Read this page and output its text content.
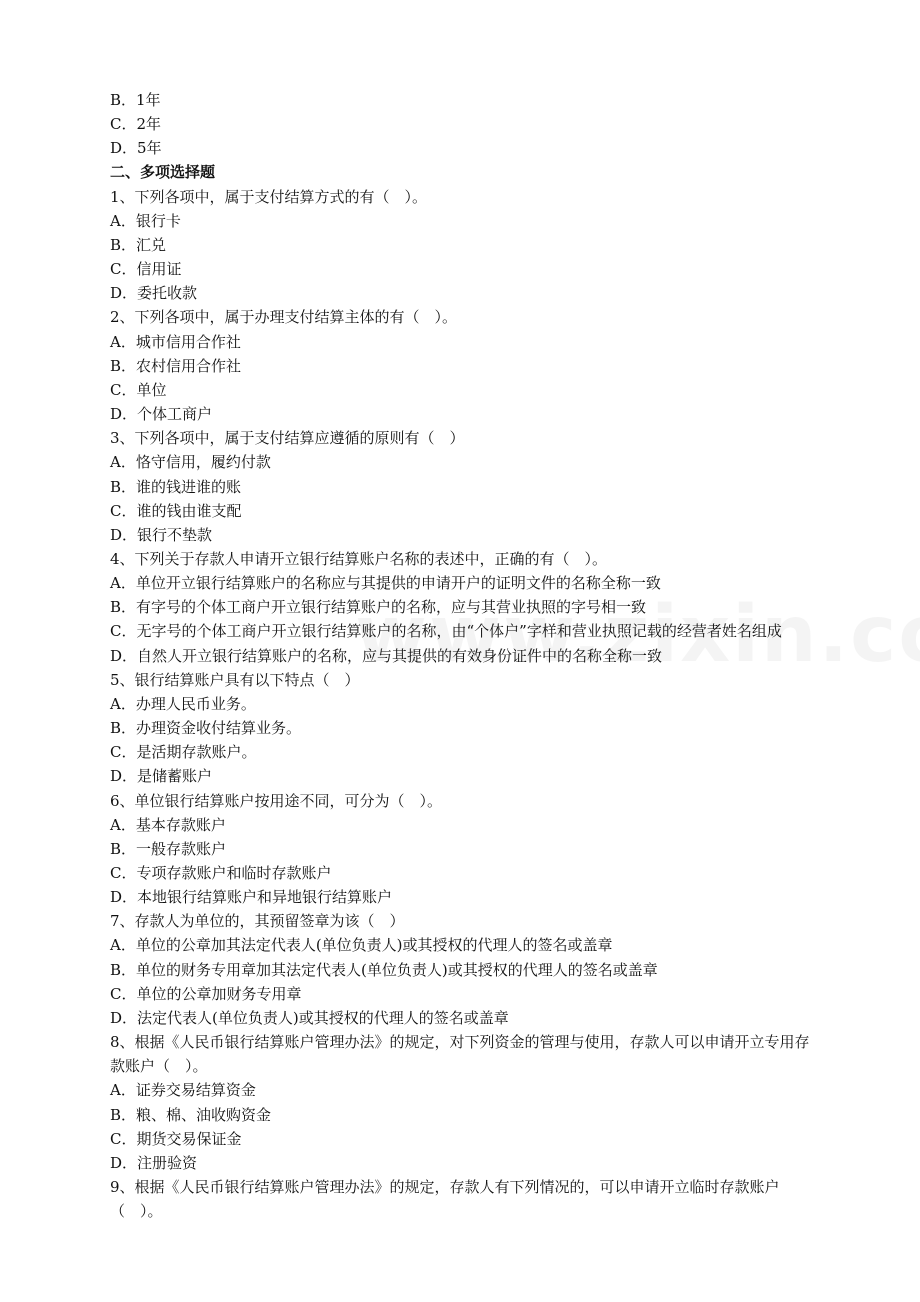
B．1年
C．2年
D．5年
二、多项选择题
1、下列各项中，属于支付结算方式的有（　）。
A．银行卡
B．汇兑
C．信用证
D．委托收款
2、下列各项中，属于办理支付结算主体的有（　）。
A．城市信用合作社
B．农村信用合作社
C．单位
D．个体工商户
3、下列各项中，属于支付结算应遵循的原则有（　）
A．恪守信用，履约付款
B．谁的钱进谁的账
C．谁的钱由谁支配
D．银行不垫款
4、下列关于存款人申请开立银行结算账户名称的表述中，正确的有（　）。
A．单位开立银行结算账户的名称应与其提供的申请开户的证明文件的名称全称一致
B．有字号的个体工商户开立银行结算账户的名称，应与其营业执照的字号相一致
C．无字号的个体工商户开立银行结算账户的名称，由“个体户”字样和营业执照记载的经营者姓名组成
D．自然人开立银行结算账户的名称，应与其提供的有效身份证件中的名称全称一致
5、银行结算账户具有以下特点（　）
A．办理人民币业务。
B．办理资金收付结算业务。
C．是活期存款账户。
D．是储蓄账户
6、单位银行结算账户按用途不同，可分为（　）。
A．基本存款账户
B．一般存款账户
C．专项存款账户和临时存款账户
D．本地银行结算账户和异地银行结算账户
7、存款人为单位的，其预留签章为该（　）
A．单位的公章加其法定代表人(单位负责人)或其授权的代理人的签名或盖章
B．单位的财务专用章加其法定代表人(单位负责人)或其授权的代理人的签名或盖章
C．单位的公章加财务专用章
D．法定代表人(单位负责人)或其授权的代理人的签名或盖章
8、根据《人民币银行结算账户管理办法》的规定，对下列资金的管理与使用，存款人可以申请开立专用存款账户（　）。
A．证券交易结算资金
B．粮、棉、油收购资金
C．期货交易保证金
D．注册验资
9、根据《人民币银行结算账户管理办法》的规定，存款人有下列情况的，可以申请开立临时存款账户（　）。
